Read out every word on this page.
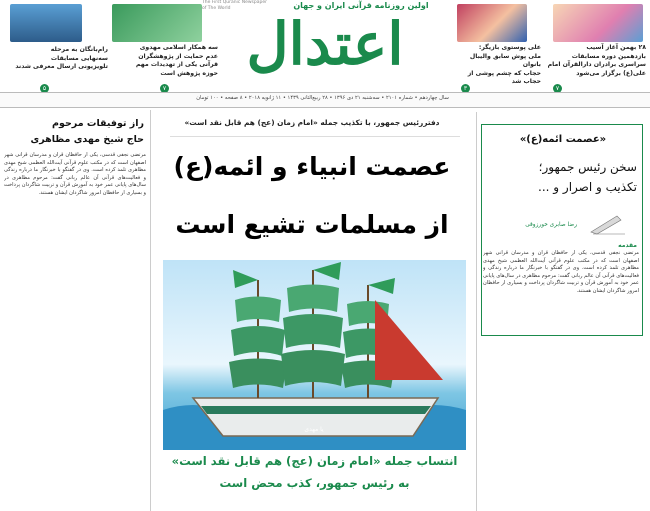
رام‌بانگان به مرحله
سه‌نهایی مسابقات
تلویزیونی ارسال معرفی شدند
۵
سه همکار اسلامی مهدوی
عدم حمایت از پژوهشگران
قرآنی یکی از تهدیدات مهم
حوزه پژوهش است
۷
The First Quranic Newspaper of The World	اولین روزنامه قرآنی ایران و جهان
اعتدال	علی پوستوی بازیگر:
ملی پوش سابق والیبال بانوان
حجاب که چشم پوشی از
حجاب شد
۳
۲۸ بهمن آغاز آسیب
بازدهمین دوره مسابقات
سراسری برادران دارالقرآن امام
علی(ع) برگزار می‌شود
۷
سال چهاردهم • شماره ۲۱۰۱ • سه‌شنبه ۲۱ دی ۱۳۹۶ • ۲۸ ربیع‌الثانی ۱۴۳۹ • ۱۱ ژانویه ۲۰۱۸ • ۸ صفحه • ۱۰۰ تومان
راز توفیقات مرحوم
حاج شیخ مهدی مظاهری
مرتضی نجفی قدسی، یکی از حافظان قرآن و مدرسان قرآنی شهر اصفهان است که در مکتب علوم قرآنی آیت‌الله العظمی شیخ مهدی مظاهری تلمذ کرده است. وی در گفتگو با خبرنگار ما درباره زندگی و فعالیت‌های قرآنی آن عالم ربانی گفت: مرحوم مظاهری در سال‌های پایانی عمر خود به آموزش قرآن و تربیت شاگردان پرداخت و بسیاری از حافظان امروز شاگردان ایشان هستند.
دفتررئیس جمهور، با تکذیب جمله «امام زمان (عج) هم قابل نقد است»
عصمت انبیاء و ائمه(ع)
از مسلمات تشیع است
یا مهدی
انتساب جمله «امام زمان (عج) هم قابل نقد است»
به رئیس جمهور، کذب محض است
«عصمت ائمه(ع)»
سخن رئیس جمهور؛
تکذیب و اصرار و ...
رضا صابری خورزوقی
مقدمه
مرتضی نجفی قدسی، یکی از حافظان قرآن و مدرسان قرآنی شهر اصفهان است که در مکتب علوم قرآنی آیت‌الله العظمی شیخ مهدی مظاهری تلمذ کرده است. وی در گفتگو با خبرنگار ما درباره زندگی و فعالیت‌های قرآنی آن عالم ربانی گفت: مرحوم مظاهری در سال‌های پایانی عمر خود به آموزش قرآن و تربیت شاگردان پرداخت و بسیاری از حافظان امروز شاگردان ایشان هستند.
